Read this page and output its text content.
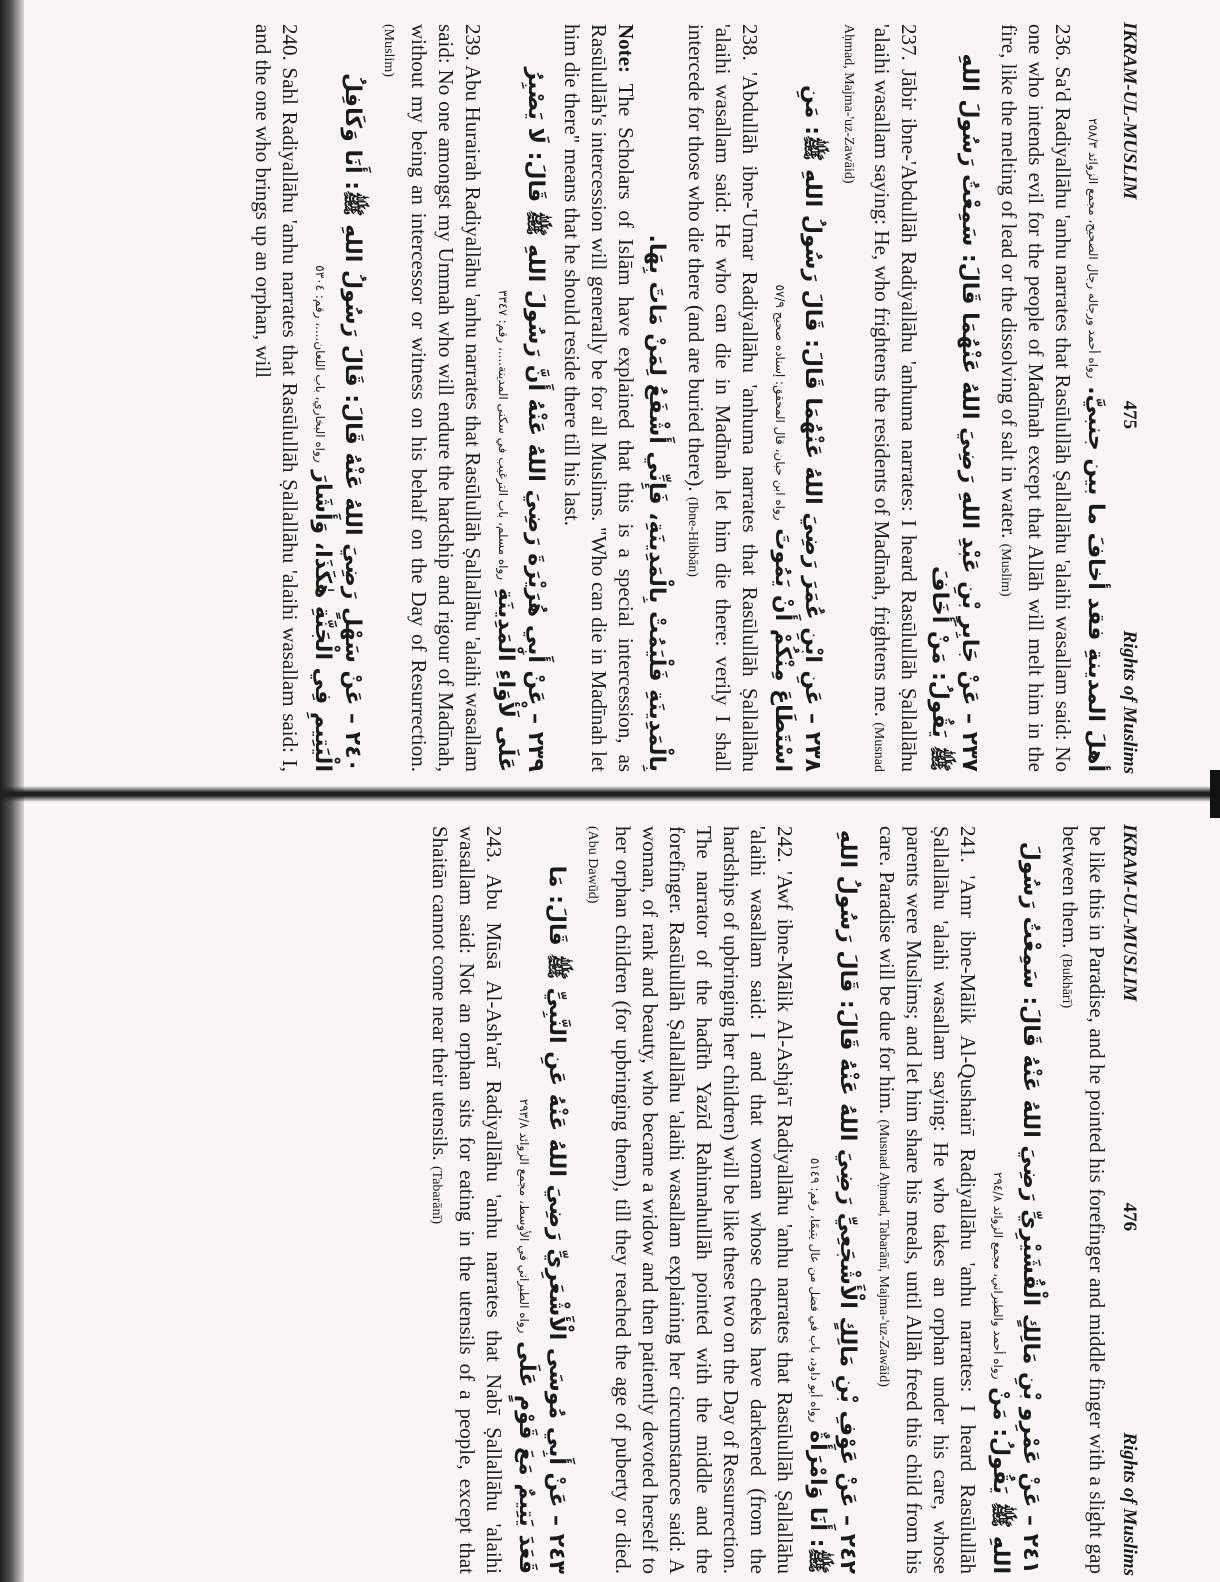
IKRAM-UL-MUSLIM
475
Rights of Muslims
أهلَ المدينةِ فقد أخافَ ما بين جنبيَّ. رواه أحمد ورجاله رجال الصحيح، مجمع الزوائد ٢٥٨/٣
236. Sa'd Radiyallāhu 'anhu narrates that Rasūlullāh Ṣallallāhu 'alaihi wasallam said: No one who intends evil for the people of Madīnah except that Allāh will melt him in the fire, like the melting of lead or the dissolving of salt in water. (Muslim)
٢٣٧ – عَنْ جَابِرِ بْنِ عَبْدِ اللهِ رَضِيَ اللهُ عَنْهُمَا قَالَ: سَمِعْتُ رَسُولَ اللهِ ﷺ يَقُولُ: مَنْ أَخَافَ
237. Jābir ibne-'Abdullāh Radiyallāhu 'anhuma narrates: I heard Rasūlullāh Ṣallallāhu 'alaihi wasallam saying: He, who frightens the residents of Madīnah, frightens me. (Musnad Aḥmad, Majma-'uz-Zawāid)
٢٣٨ – عَنِ ابْنِ عُمَرَ رَضِيَ اللهُ عَنْهُمَا قَالَ: قَالَ رَسُولُ اللهِ ﷺ: مَنِ اسْتَطَاعَ مِنْكُمْ أَنْ يَمُوتَ رواه ابن حبان، قال المحقق: إسناده صحيح ٥٧/٩
238. 'Abdullāh ibne-'Umar Radiyallāhu 'anhuma narrates that Rasūlullāh Ṣallallāhu 'alaihi wasallam said: He who can die in Madīnah let him die there: verily I shall intercede for those who die there (and are buried there). (Ibne-Hibbān)
بِالْمَدِينَةِ فَلْيَمُتْ بِالْمَدِينَةِ، فَإِنِّي أَشْفَعُ لِمَنْ مَاتَ بِهَا.
Note: The Scholars of Islām have explained that this is a special intercession, as Rasūlullāh's intercession will generally be for all Muslims. "Who can die in Madīnah let him die there" means that he should reside there till his last.
٢٣٩ – عَنْ أَبِي هُرَيْرَةَ رَضِيَ اللهُ عَنْهُ أَنَّ رَسُولَ اللهِ ﷺ قَالَ: لَا يَصْبِرُ عَلَى لَأْوَاءِ الْمَدِينَةِ رواه مسلم، باب الترغيب في سكنى المدينة....، رقم: ٣٣٤٧
239. Abu Hurairah Radiyallāhu 'anhu narrates that Rasūlullāh Ṣallallāhu 'alaihi wasallam said: No one amongst my Ummah who will endure the hardship and rigour of Madīnah, without my being an intercessor or witness on his behalf on the Day of Resurrection. (Muslim)
٢٤٠ – عَنْ سَهْلٍ رَضِيَ اللهُ عَنْهُ قَالَ: قَالَ رَسُولُ اللهِ ﷺ: أَنَا وَكَافِلُ الْيَتِيمِ فِي الْجَنَّةِ هٰكَذَا، وَأَشَارَ رواه البخاري، باب اللعان....، رقم: ٥٣٠٤
240. Sahl Radiyallāhu 'anhu narrates that Rasūlullāh Ṣallallāhu 'alaihi wasallam said: I, and the one who brings up an orphan, will
IKRAM-UL-MUSLIM
476
Rights of Muslims
be like this in Paradise, and he pointed his forefinger and middle finger with a slight gap between them. (Bukhārī)
٢٤١ – عَنْ عَمْرِو بْنِ مَالِكٍ الْقُشَيْرِيِّ رَضِيَ اللهُ عَنْهُ قَالَ: سَمِعْتُ رَسُولَ اللهِ ﷺ يَقُولُ: مَنْ رواه أحمد والطبراني، مجمع الزوائد ٢٩٤/٨
241. 'Amr ibne-Mālik Al-Qushairī Radiyallāhu 'anhu narrates: I heard Rasūlullāh Ṣallallāhu 'alaihi wasallam saying: He who takes an orphan under his care, whose parents were Muslims; and let him share his meals, until Allāh freed this child from his care. Paradise will be due for him. (Musnad Aḥmad, Tabarānī, Majma-'uz-Zawāid)
٢٤٢ – عَنْ عَوْفِ بْنِ مَالِكٍ الْأَشْجَعِيِّ رَضِيَ اللهُ عَنْهُ قَالَ: قَالَ رَسُولُ اللهِ ﷺ: أَنَا وَامْرَأَةٌ رواه أبو داود، باب في فضل من عال يتيمًا، رقم: ٥١٤٩
242. 'Awf ibne-Mālik Al-Ashja'ī Radiyallāhu 'anhu narrates that Rasūlullāh Ṣallallāhu 'alaihi wasallam said: I and that woman whose cheeks have darkened (from the hardships of upbringing her children) will be like these two on the Day of Ressurrection. The narrator of the hadīth Yazīd Rahimahullāh pointed with the middle and the forefinger. Rasūlullāh Ṣallallāhu 'alaihi wasallam explaining her circumstances said: A woman, of rank and beauty, who became a widow and then patiently devoted herself to her orphan children (for upbringing them), till they reached the age of puberty or died. (Abu Dawūd)
٢٤٣ – عَنْ أَبِي مُوسَى الْأَشْعَرِيِّ رَضِيَ اللهُ عَنْهُ عَنِ النَّبِيِّ ﷺ قَالَ: مَا قَعَدَ يَتِيمٌ مَعَ قَوْمٍ عَلَى رواه الطبراني في الأوسط، مجمع الزوائد ٢٩٣/٨
243. Abu Mūsā Al-Ash'arī Radiyallāhu 'anhu narrates that Nabī Ṣallallāhu 'alaihi wasallam said: Not an orphan sits for eating in the utensils of a people, except that Shaitān cannot come near their utensils. (Tabarānī)
